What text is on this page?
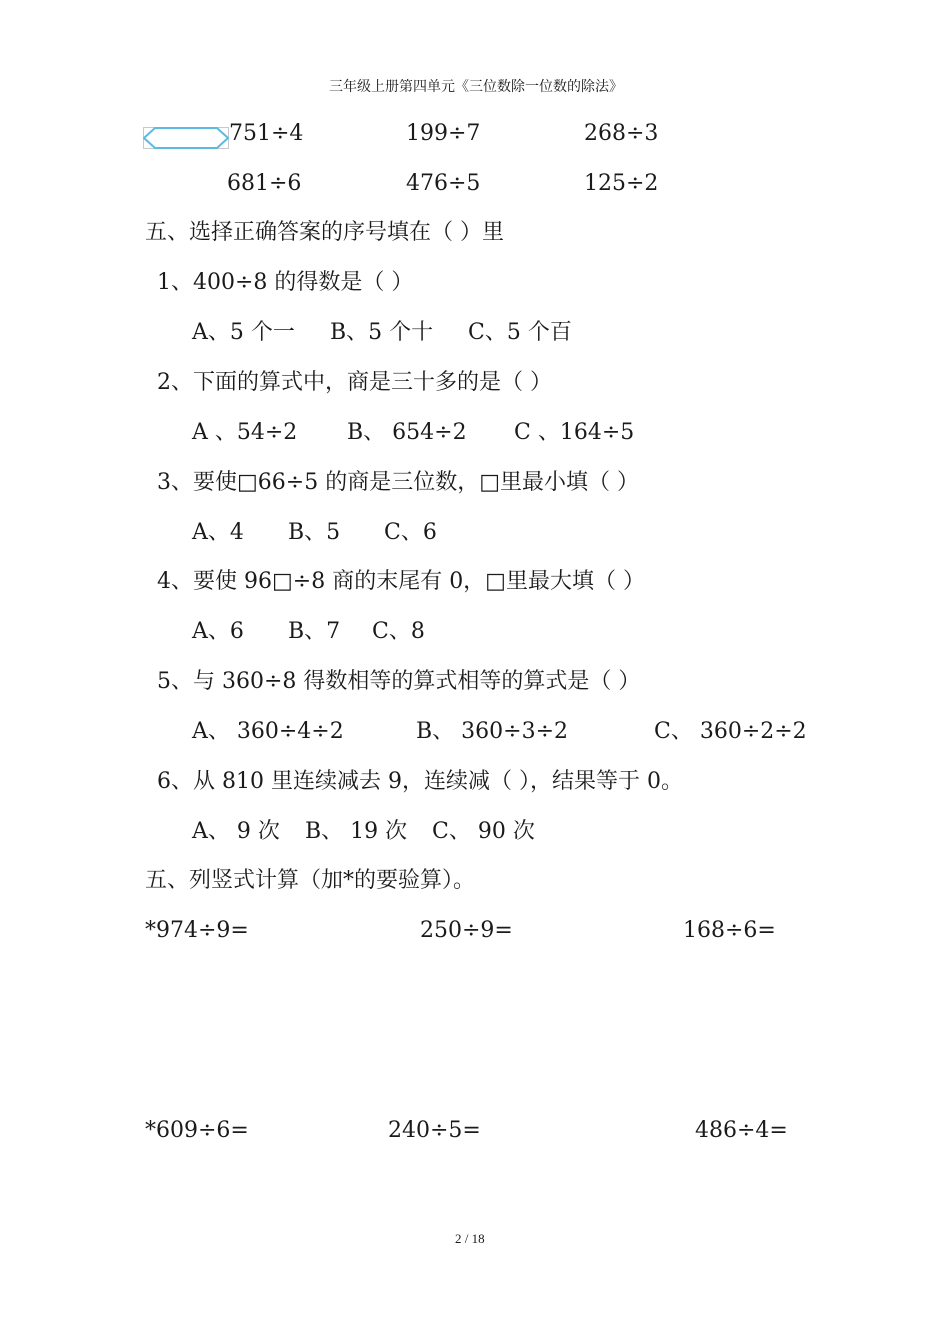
三年级上册第四单元《三位数除一位数的除法》
751÷4	199÷7	268÷3
681÷6	476÷5	125÷2
五、选择正确答案的序号填在（ ）里
1、400÷8 的得数是（ ）
A、5 个一 B、5 个十 C、5 个百
2、下面的算式中，商是三十多的是（ ）
A 、54÷2 B、 654÷2 C 、164÷5
3、要使□66÷5 的商是三位数，□里最小填（ ）
A、4 B、5 C、6
4、要使 96□÷8 商的末尾有 0，□里最大填（ ）
A、6 B、7 C、8
5、与 360÷8 得数相等的算式相等的算式是（ ）
A、 360÷4÷2	B、 360÷3÷2	C、 360÷2÷2
6、从 810 里连续减去 9，连续减（ ），结果等于 0。
A、 9 次 B、 19 次 C、 90 次
五、列竖式计算（加*的要验算）。
*974÷9=	250÷9=	168÷6=
*609÷6=	240÷5=	486÷4=
2 / 18
